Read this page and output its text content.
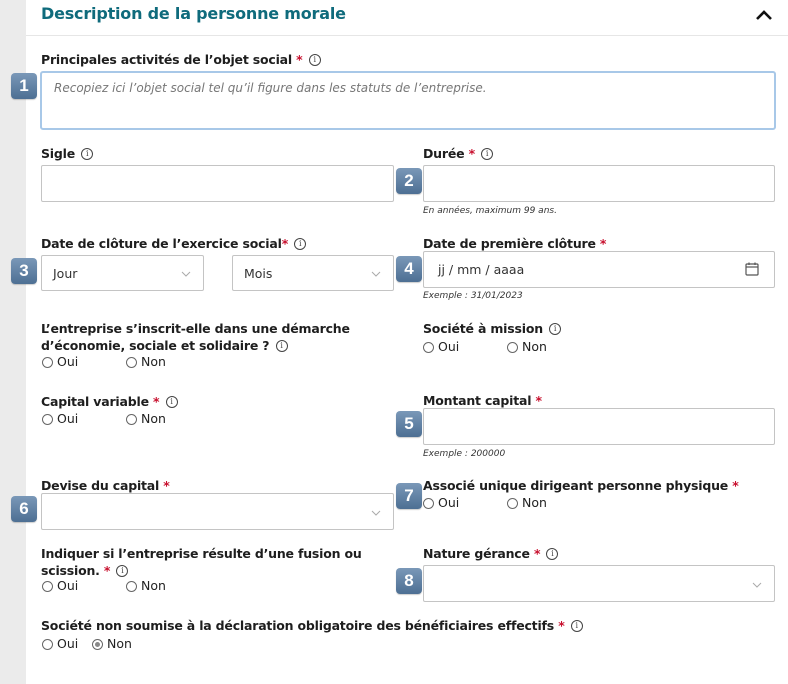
Description de la personne morale
Principales activités de l’objet social * i
Recopiez ici l’objet social tel qu’il figure dans les statuts de l’entreprise.
Sigle i	Durée * i
En années, maximum 99 ans.
Date de clôture de l’exercice social* i
Jour	Mois
Date de première clôture *
jj / mm / aaaa
Exemple : 31/01/2023
L’entreprise s’inscrit-elle dans une démarche
d’économie, sociale et solidaire ? i
Oui	Non
Société à mission i
Oui	Non
Capital variable * i
Oui	Non
Montant capital *
Exemple : 200000
Devise du capital *	Associé unique dirigeant personne physique *
Oui	Non
Indiquer si l’entreprise résulte d’une fusion ou
scission. * i
Oui	Non
Nature gérance * i
Société non soumise à la déclaration obligatoire des bénéficiaires effectifs * i
Oui Non
1
2
3	4
5
6
7
8
